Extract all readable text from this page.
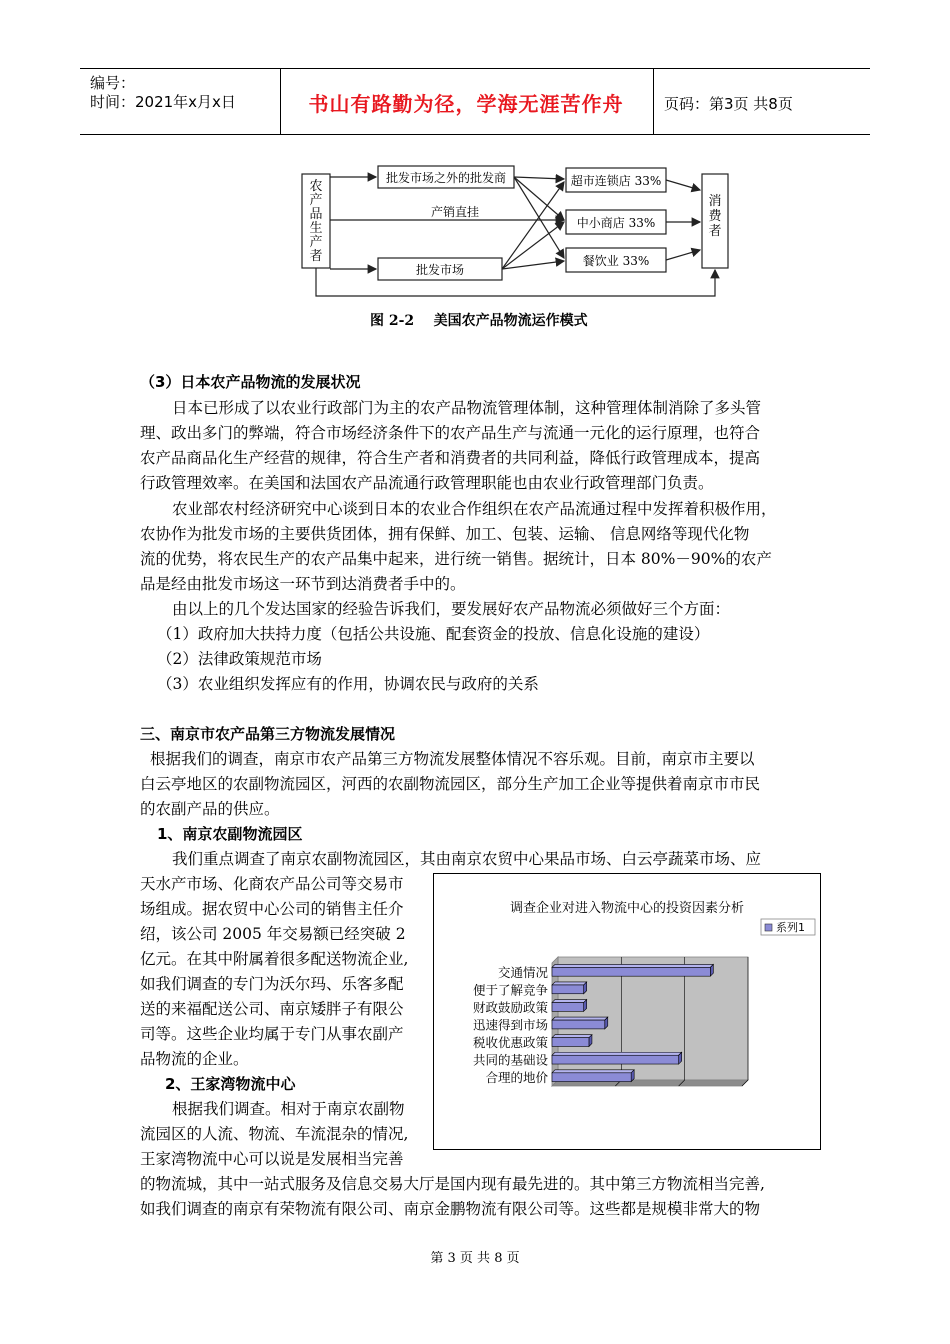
编号：
时间：2021年x月x日	书山有路勤为径，学海无涯苦作舟	页码：第3页 共8页
农产品生产者
消费者
批发市场之外的批发商
产销直挂
批发市场
超市连锁店 33%
中小商店 33%
餐饮业 33%
图 2-2    美国农产品物流运作模式
（3）日本农产品物流的发展状况
日本已形成了以农业行政部门为主的农产品物流管理体制，这种管理体制消除了多头管
理、政出多门的弊端，符合市场经济条件下的农产品生产与流通一元化的运行原理，也符合
农产品商品化生产经营的规律，符合生产者和消费者的共同利益，降低行政管理成本，提高
行政管理效率。在美国和法国农产品流通行政管理职能也由农业行政管理部门负责。
农业部农村经济研究中心谈到日本的农业合作组织在农产品流通过程中发挥着积极作用，
农协作为批发市场的主要供货团体，拥有保鲜、加工、包装、运输、 信息网络等现代化物
流的优势，将农民生产的农产品集中起来，进行统一销售。据统计，日本 80%－90%的农产
品是经由批发市场这一环节到达消费者手中的。
由以上的几个发达国家的经验告诉我们，要发展好农产品物流必须做好三个方面：
（1）政府加大扶持力度（包括公共设施、配套资金的投放、信息化设施的建设）
（2）法律政策规范市场
（3）农业组织发挥应有的作用，协调农民与政府的关系
三、南京市农产品第三方物流发展情况
根据我们的调查，南京市农产品第三方物流发展整体情况不容乐观。目前，南京市主要以
白云亭地区的农副物流园区，河西的农副物流园区，部分生产加工企业等提供着南京市市民
的农副产品的供应。
1、南京农副物流园区
我们重点调查了南京农副物流园区，其由南京农贸中心果品市场、白云亭蔬菜市场、应
天水产市场、化商农产品公司等交易市
场组成。据农贸中心公司的销售主任介
绍，该公司 2005 年交易额已经突破 2
亿元。在其中附属着很多配送物流企业,
如我们调查的专门为沃尔玛、乐客多配
送的来福配送公司、南京矮胖子有限公
司等。这些企业均属于专门从事农副产
品物流的企业。
2、王家湾物流中心
根据我们调查。相对于南京农副物
流园区的人流、物流、车流混杂的情况,
王家湾物流中心可以说是发展相当完善
的物流城，其中一站式服务及信息交易大厅是国内现有最先进的。其中第三方物流相当完善,
如我们调查的南京有荣物流有限公司、南京金鹏物流有限公司等。这些都是规模非常大的物
调查企业对进入物流中心的投资因素分析
系列1
交通情况
便于了解竞争
财政鼓励政策
迅速得到市场
税收优惠政策
共同的基础设
合理的地价
第 3 页 共 8 页
